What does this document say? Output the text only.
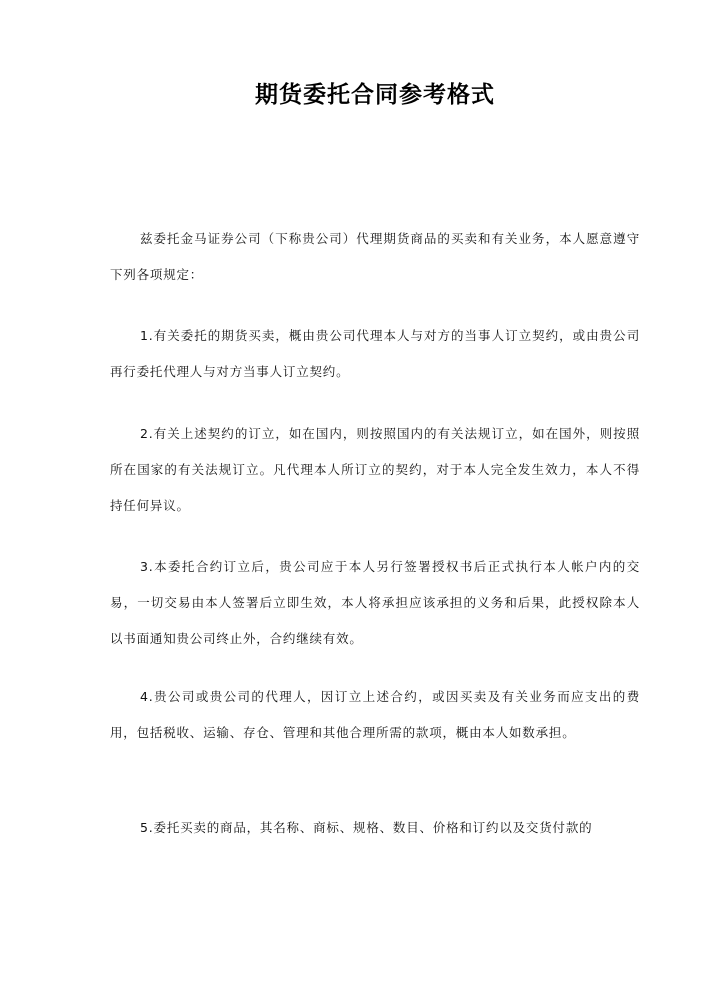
期货委托合同参考格式

兹委托金马证券公司（下称贵公司）代理期货商品的买卖和有关业务，本人愿意遵守下列各项规定：

1.有关委托的期货买卖，概由贵公司代理本人与对方的当事人订立契约，或由贵公司再行委托代理人与对方当事人订立契约。

2.有关上述契约的订立，如在国内，则按照国内的有关法规订立，如在国外，则按照所在国家的有关法规订立。凡代理本人所订立的契约，对于本人完全发生效力，本人不得持任何异议。

3.本委托合约订立后，贵公司应于本人另行签署授权书后正式执行本人帐户内的交易，一切交易由本人签署后立即生效，本人将承担应该承担的义务和后果，此授权除本人以书面通知贵公司终止外，合约继续有效。

4.贵公司或贵公司的代理人，因订立上述合约，或因买卖及有关业务而应支出的费用，包括税收、运输、存仓、管理和其他合理所需的款项，概由本人如数承担。

5.委托买卖的商品，其名称、商标、规格、数目、价格和订约以及交货付款的
